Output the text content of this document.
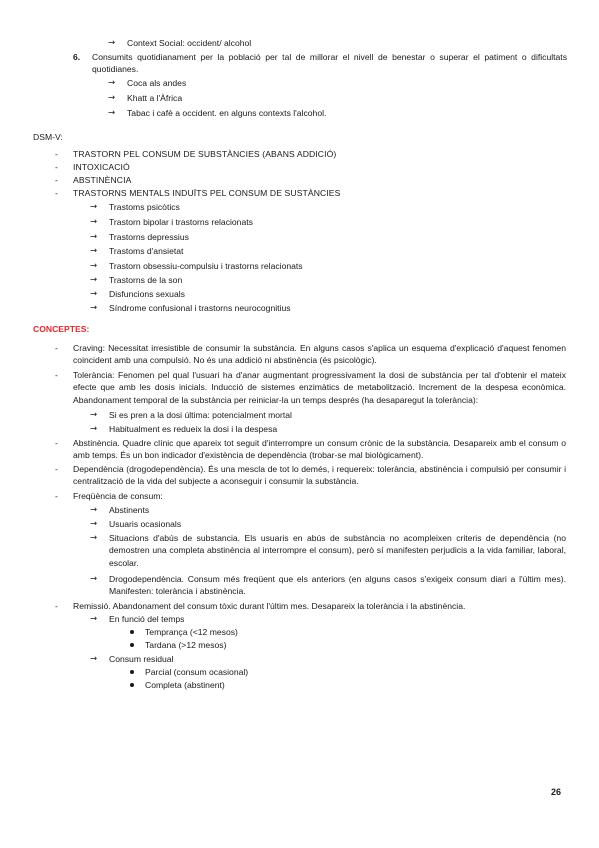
→ Context Social: occident/ alcohol
6. Consumits quotidianament per la població per tal de millorar el nivell de benestar o superar el patiment o dificultats quotidianes.
→ Coca als andes
→ Khatt a l'Àfrica
→ Tabac i cafè a occident. en alguns contexts l'alcohol.
DSM-V:
- TRASTORN PEL CONSUM DE SUBSTÀNCIES (ABANS ADDICIÓ)
- INTOXICACIÓ
- ABSTINÈNCIA
- TRASTORNS MENTALS INDUÏTS PEL CONSUM DE SUSTÀNCIES
→ Trastoms psicòtics
→ Trastorn bipolar i trastorns relacionats
→ Trastorns depressius
→ Trastoms d'ansietat
→ Trastorn obsessiu-compulsiu i trastorns relacionats
→ Trastorns de la son
→ Disfuncions sexuals
→ Síndrome confusional i trastorns neurocognitius
CONCEPTES:
- Craving: Necessitat irresistible de consumir la substància. En alguns casos s'aplica un esquema d'explicació d'aquest fenomen coincident amb una compulsió. No és una addició ni abstinència (és psicològic).
- Tolerància: Fenomen pel qual l'usuari ha d'anar augmentant progressivament la dosi de substància per tal d'obtenir el mateix efecte que amb les dosis inicials. Inducció de sistemes enzimàtics de metabolització. Increment de la despesa econòmica. Abandonament temporal de la substància per reiniciar-la un temps després (ha desaparegut la tolerància):
→ Si es pren a la dosi última: potencialment mortal
→ Habitualment es redueix la dosi i la despesa
- Abstinència. Quadre clínic que apareix tot seguit d'interrompre un consum crònic de la substància. Desapareix amb el consum o amb temps. És un bon indicador d'existència de dependència (trobar-se mal biològicament).
- Dependència (drogodependència). És una mescla de tot lo demés, i requereix: tolerància, abstinència i compulsió per consumir i centralització de la vida del subjecte a aconseguir i consumir la substància.
- Freqüència de consum:
→ Abstinents
→ Usuaris ocasionals
→ Situacions d'abús de substancia. Els usuaris en abús de substància no acompleixen criteris de dependència (no demostren una completa abstinència al interrompre el consum), però sí manifesten perjudicis a la vida familiar, laboral, escolar.
→ Drogodependència. Consum més freqüent que els anteriors (en alguns casos s'exigeix consum diari a l'últim mes). Manifesten: tolerància i abstinència.
- Remissió. Abandonament del consum tòxic durant l'últim mes. Desapareix la tolerància i la abstinència.
→ En funció del temps
Temprança (<12 mesos)
Tardana (>12 mesos)
→ Consum residual
Parcial (consum ocasional)
Completa (abstinent)
26
